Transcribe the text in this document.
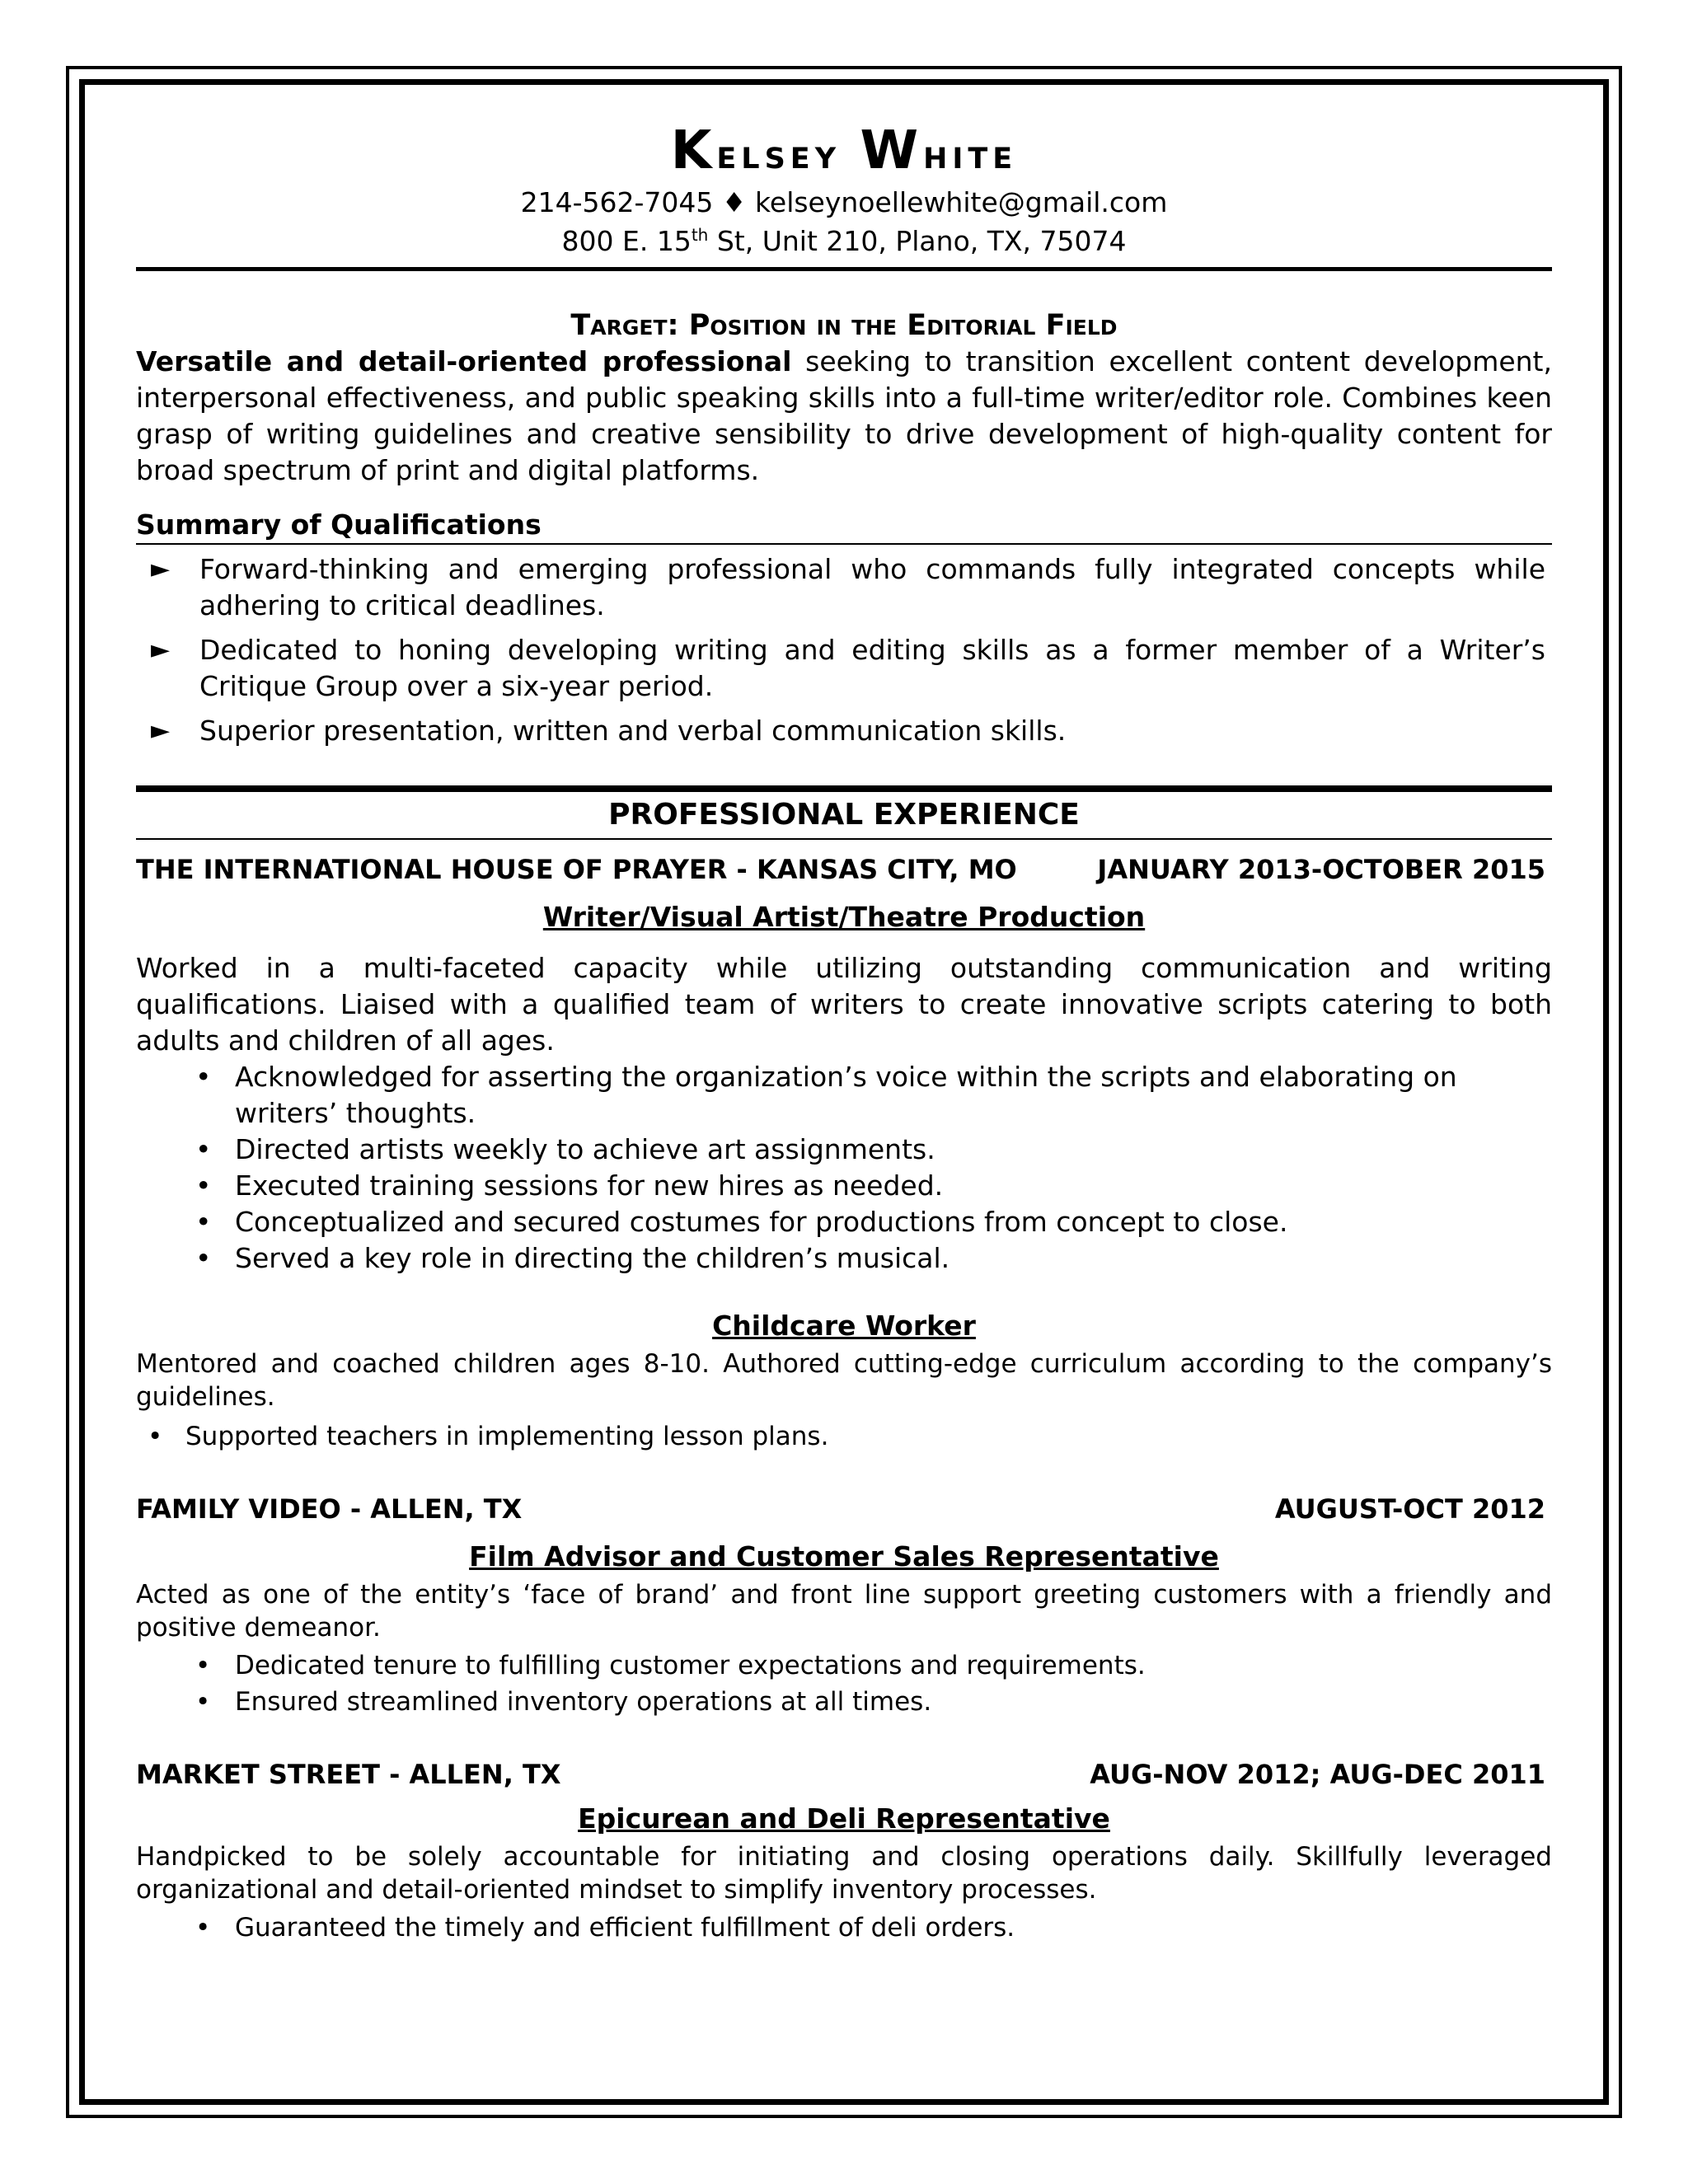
Kelsey White
214-562-7045 ♦ kelseynoellewhite@gmail.com
800 E. 15th St, Unit 210, Plano, TX, 75074
Target: Position in the Editorial Field

Versatile and detail-oriented professional seeking to transition excellent content development, interpersonal effectiveness, and public speaking skills into a full-time writer/editor role. Combines keen grasp of writing guidelines and creative sensibility to drive development of high-quality content for broad spectrum of print and digital platforms.

Summary of Qualifications
► Forward-thinking and emerging professional who commands fully integrated concepts while adhering to critical deadlines.
► Dedicated to honing developing writing and editing skills as a former member of a Writer’s Critique Group over a six-year period.
► Superior presentation, written and verbal communication skills.
PROFESSIONAL EXPERIENCE
THE INTERNATIONAL HOUSE OF PRAYER - KANSAS CITY, MO	JANUARY 2013-OCTOBER 2015
Writer/Visual Artist/Theatre Production

Worked in a multi-faceted capacity while utilizing outstanding communication and writing qualifications. Liaised with a qualified team of writers to create innovative scripts catering to both adults and children of all ages.

• Acknowledged for asserting the organization’s voice within the scripts and elaborating on writers’ thoughts.
• Directed artists weekly to achieve art assignments.
• Executed training sessions for new hires as needed.
• Conceptualized and secured costumes for productions from concept to close.
• Served a key role in directing the children’s musical.
Childcare Worker

Mentored and coached children ages 8-10. Authored cutting-edge curriculum according to the company’s guidelines.

• Supported teachers in implementing lesson plans.
FAMILY VIDEO - ALLEN, TX	AUGUST-OCT 2012
Film Advisor and Customer Sales Representative

Acted as one of the entity’s ‘face of brand’ and front line support greeting customers with a friendly and positive demeanor.

• Dedicated tenure to fulfilling customer expectations and requirements.
• Ensured streamlined inventory operations at all times.
MARKET STREET - ALLEN, TX	AUG-NOV 2012; AUG-DEC 2011
Epicurean and Deli Representative

Handpicked to be solely accountable for initiating and closing operations daily. Skillfully leveraged organizational and detail-oriented mindset to simplify inventory processes.

• Guaranteed the timely and efficient fulfillment of deli orders.
